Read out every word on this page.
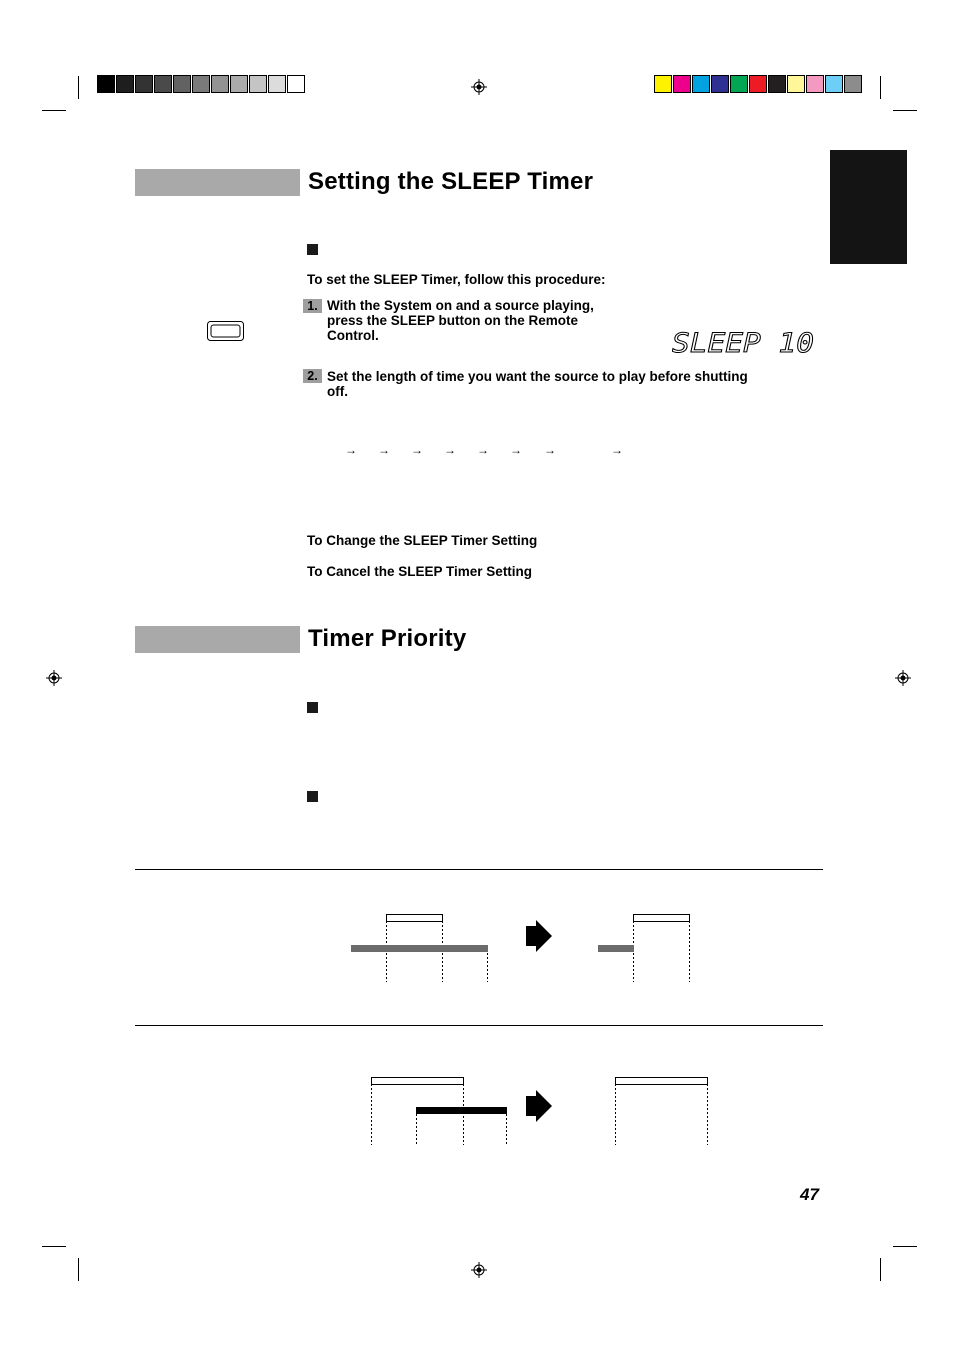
Setting the SLEEP Timer
To set the SLEEP Timer, follow this procedure:
1. With the System on and a source playing,
press the SLEEP button on the Remote
Control.	SLEEP 10
2. Set the length of time you want the source to play before shutting
off.
→ → → → → → →	→
To Change the SLEEP Timer Setting
To Cancel the SLEEP Timer Setting
Timer Priority
47
